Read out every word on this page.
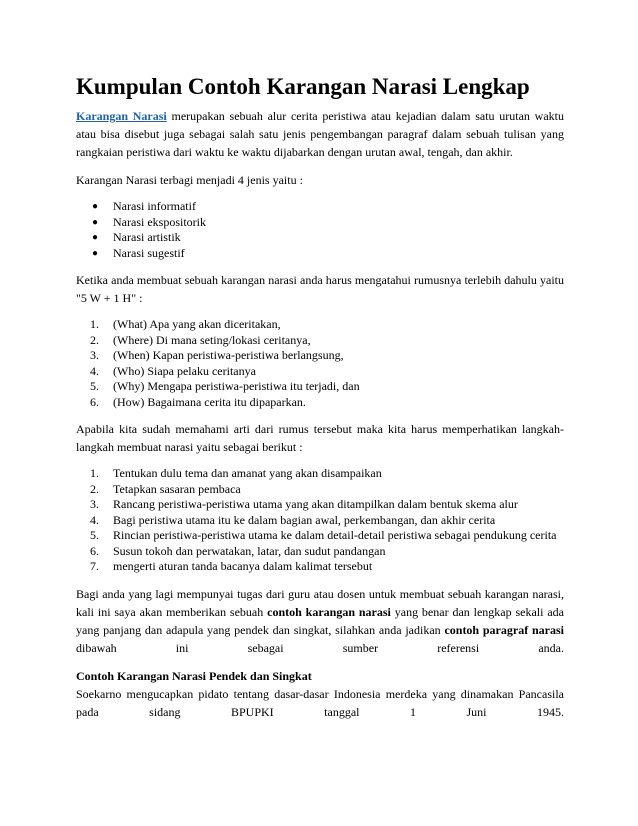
Kumpulan Contoh Karangan Narasi Lengkap

Karangan Narasi merupakan sebuah alur cerita peristiwa atau kejadian dalam satu urutan waktu atau bisa disebut juga sebagai salah satu jenis pengembangan paragraf dalam sebuah tulisan yang rangkaian peristiwa dari waktu ke waktu dijabarkan dengan urutan awal, tengah, dan akhir.

Karangan Narasi terbagi menjadi 4 jenis yaitu :

● Narasi informatif
● Narasi ekspositorik
● Narasi artistik
● Narasi sugestif

Ketika anda membuat sebuah karangan narasi anda harus mengatahui rumusnya terlebih dahulu yaitu "5 W + 1 H" :

1. (What) Apa yang akan diceritakan,
2. (Where) Di mana seting/lokasi ceritanya,
3. (When) Kapan peristiwa-peristiwa berlangsung,
4. (Who) Siapa pelaku ceritanya
5. (Why) Mengapa peristiwa-peristiwa itu terjadi, dan
6. (How) Bagaimana cerita itu dipaparkan.

Apabila kita sudah memahami arti dari rumus tersebut maka kita harus memperhatikan langkah-langkah membuat narasi yaitu sebagai berikut :

1. Tentukan dulu tema dan amanat yang akan disampaikan
2. Tetapkan sasaran pembaca
3. Rancang peristiwa-peristiwa utama yang akan ditampilkan dalam bentuk skema alur
4. Bagi peristiwa utama itu ke dalam bagian awal, perkembangan, dan akhir cerita
5. Rincian peristiwa-peristiwa utama ke dalam detail-detail peristiwa sebagai pendukung cerita
6. Susun tokoh dan perwatakan, latar, dan sudut pandangan
7. mengerti aturan tanda bacanya dalam kalimat tersebut

Bagi anda yang lagi mempunyai tugas dari guru atau dosen untuk membuat sebuah karangan narasi, kali ini saya akan memberikan sebuah contoh karangan narasi yang benar dan lengkap sekali ada yang panjang dan adapula yang pendek dan singkat, silahkan anda jadikan contoh paragraf narasi dibawah ini sebagai sumber referensi anda.

Contoh Karangan Narasi Pendek dan Singkat

Soekarno mengucapkan pidato tentang dasar-dasar Indonesia merdeka yang dinamakan Pancasila pada sidang BPUPKI tanggal 1 Juni 1945.
